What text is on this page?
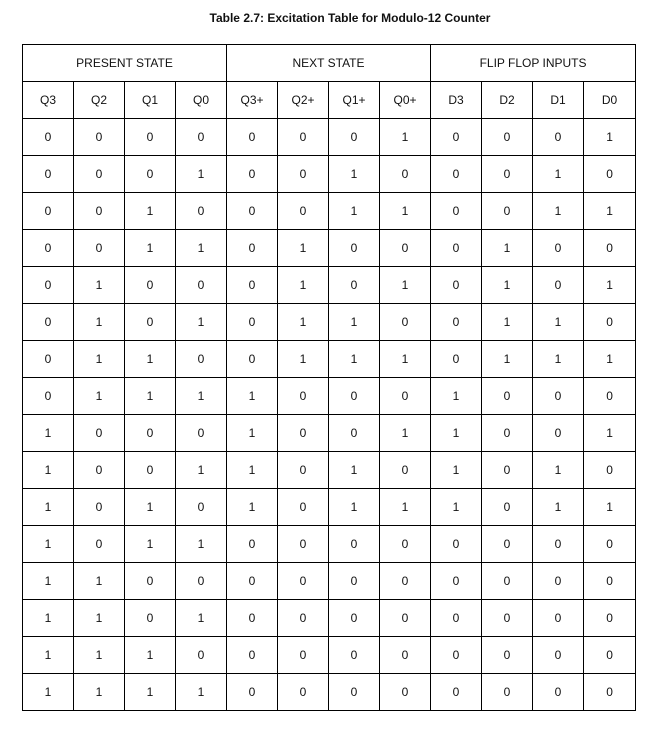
Table 2.7: Excitation Table for Modulo-12 Counter
PRESENT STATE				NEXT STATE				FLIP FLOP INPUTS			
Q3	Q2	Q1	Q0	Q3+	Q2+	Q1+	Q0+	D3	D2	D1	D0
0	0	0	0	0	0	0	1	0	0	0	1
0	0	0	1	0	0	1	0	0	0	1	0
0	0	1	0	0	0	1	1	0	0	1	1
0	0	1	1	0	1	0	0	0	1	0	0
0	1	0	0	0	1	0	1	0	1	0	1
0	1	0	1	0	1	1	0	0	1	1	0
0	1	1	0	0	1	1	1	0	1	1	1
0	1	1	1	1	0	0	0	1	0	0	0
1	0	0	0	1	0	0	1	1	0	0	1
1	0	0	1	1	0	1	0	1	0	1	0
1	0	1	0	1	0	1	1	1	0	1	1
1	0	1	1	0	0	0	0	0	0	0	0
1	1	0	0	0	0	0	0	0	0	0	0
1	1	0	1	0	0	0	0	0	0	0	0
1	1	1	0	0	0	0	0	0	0	0	0
1	1	1	1	0	0	0	0	0	0	0	0
